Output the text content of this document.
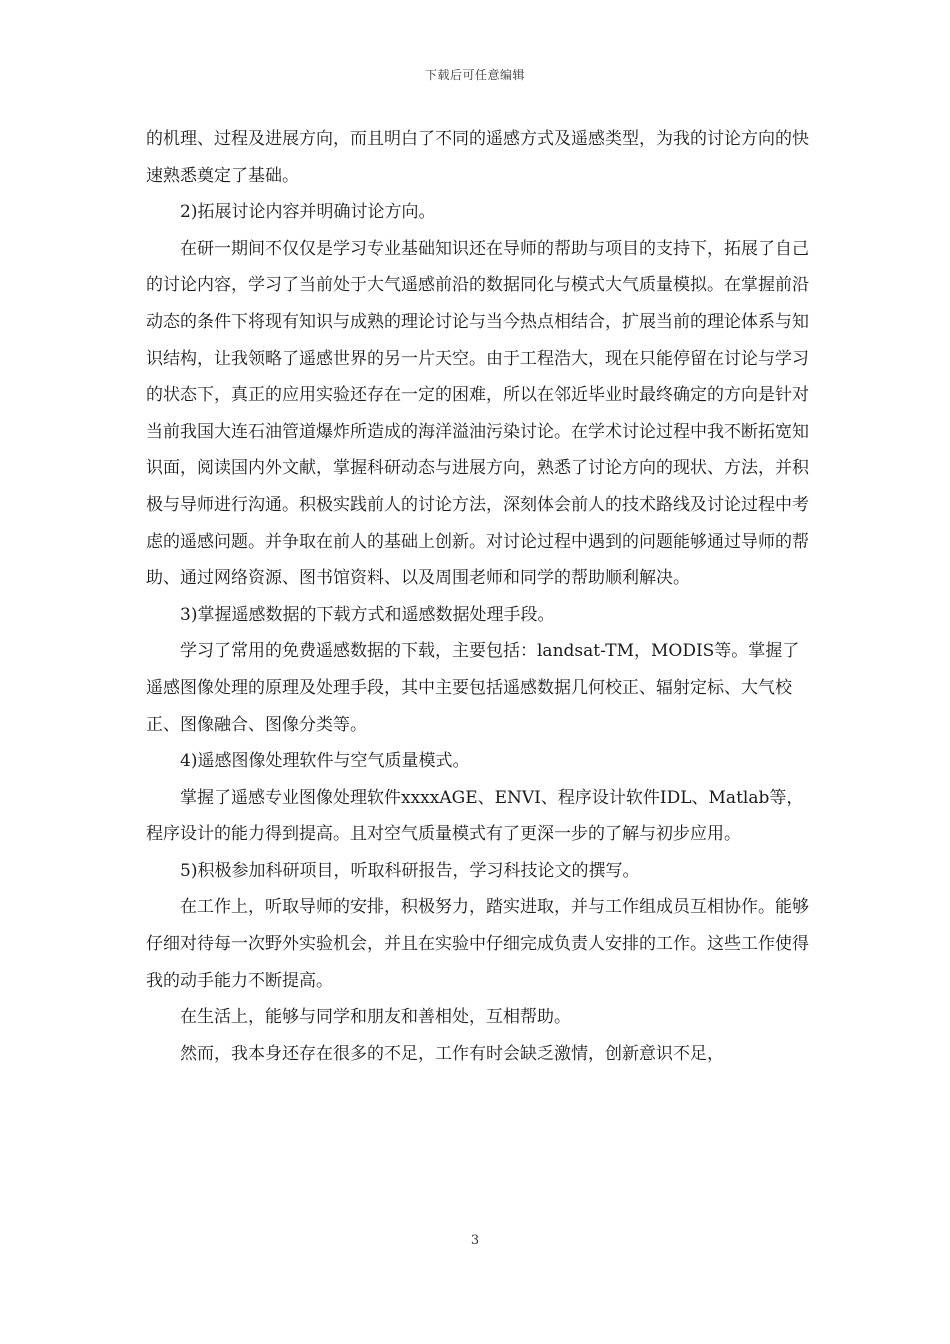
下载后可任意编辑

的机理、过程及进展方向，而且明白了不同的遥感方式及遥感类型，为我的讨论方向的快速熟悉奠定了基础。

2)拓展讨论内容并明确讨论方向。

在研一期间不仅仅是学习专业基础知识还在导师的帮助与项目的支持下，拓展了自己的讨论内容，学习了当前处于大气遥感前沿的数据同化与模式大气质量模拟。在掌握前沿动态的条件下将现有知识与成熟的理论讨论与当今热点相结合，扩展当前的理论体系与知识结构，让我领略了遥感世界的另一片天空。由于工程浩大，现在只能停留在讨论与学习的状态下，真正的应用实验还存在一定的困难，所以在邻近毕业时最终确定的方向是针对当前我国大连石油管道爆炸所造成的海洋溢油污染讨论。在学术讨论过程中我不断拓宽知识面，阅读国内外文献，掌握科研动态与进展方向，熟悉了讨论方向的现状、方法，并积极与导师进行沟通。积极实践前人的讨论方法，深刻体会前人的技术路线及讨论过程中考虑的遥感问题。并争取在前人的基础上创新。对讨论过程中遇到的问题能够通过导师的帮助、通过网络资源、图书馆资料、以及周围老师和同学的帮助顺利解决。

3)掌握遥感数据的下载方式和遥感数据处理手段。

学习了常用的免费遥感数据的下载，主要包括：landsat-TM，MODIS等。掌握了遥感图像处理的原理及处理手段，其中主要包括遥感数据几何校正、辐射定标、大气校正、图像融合、图像分类等。

4)遥感图像处理软件与空气质量模式。

掌握了遥感专业图像处理软件xxxxAGE、ENVI、程序设计软件IDL、Matlab等，程序设计的能力得到提高。且对空气质量模式有了更深一步的了解与初步应用。

5)积极参加科研项目，听取科研报告，学习科技论文的撰写。

在工作上，听取导师的安排，积极努力，踏实进取，并与工作组成员互相协作。能够仔细对待每一次野外实验机会，并且在实验中仔细完成负责人安排的工作。这些工作使得我的动手能力不断提高。

在生活上，能够与同学和朋友和善相处，互相帮助。

然而，我本身还存在很多的不足，工作有时会缺乏激情，创新意识不足，

3
